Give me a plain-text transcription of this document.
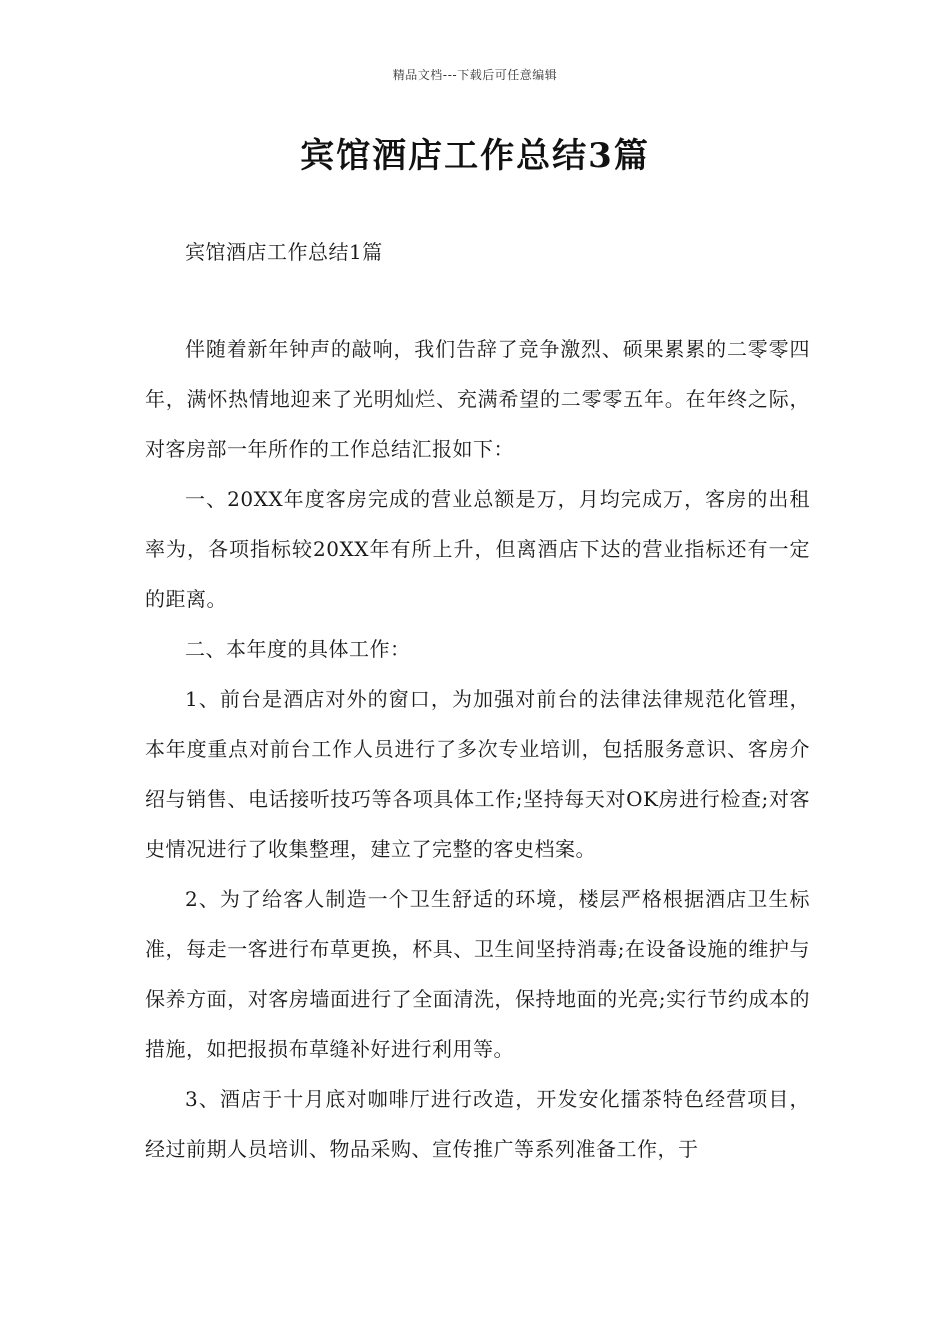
精品文档---下载后可任意编辑
宾馆酒店工作总结3篇

宾馆酒店工作总结1篇

伴随着新年钟声的敲响，我们告辞了竞争激烈、硕果累累的二零零四年，满怀热情地迎来了光明灿烂、充满希望的二零零五年。在年终之际，对客房部一年所作的工作总结汇报如下：

一、20XX年度客房完成的营业总额是万，月均完成万，客房的出租率为，各项指标较20XX年有所上升，但离酒店下达的营业指标还有一定的距离。

二、本年度的具体工作：

1、前台是酒店对外的窗口，为加强对前台的法律法律规范化管理，本年度重点对前台工作人员进行了多次专业培训，包括服务意识、客房介绍与销售、电话接听技巧等各项具体工作;坚持每天对OK房进行检查;对客史情况进行了收集整理，建立了完整的客史档案。

2、为了给客人制造一个卫生舒适的环境，楼层严格根据酒店卫生标准，每走一客进行布草更换，杯具、卫生间坚持消毒;在设备设施的维护与保养方面，对客房墙面进行了全面清洗，保持地面的光亮;实行节约成本的措施，如把报损布草缝补好进行利用等。

3、酒店于十月底对咖啡厅进行改造，开发安化擂茶特色经营项目，经过前期人员培训、物品采购、宣传推广等系列准备工作，于
